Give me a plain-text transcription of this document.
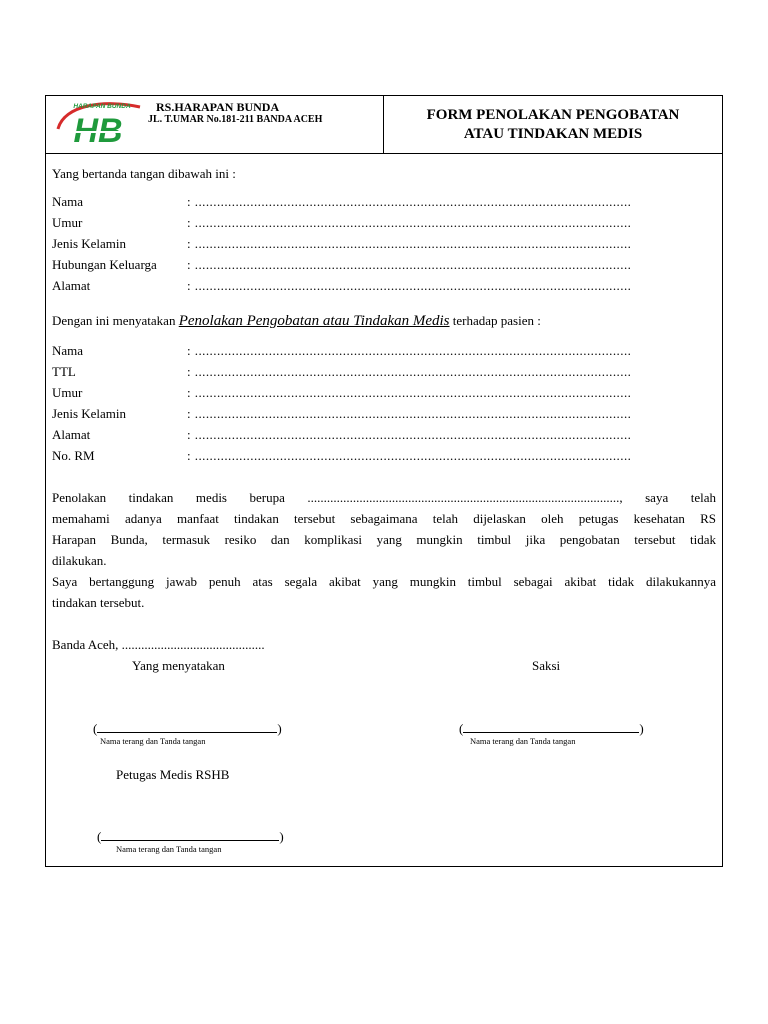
HARAPAN BUNDA
HB
RS.HARAPAN BUNDA
JL. T.UMAR No.181-211 BANDA ACEH	FORM PENOLAKAN PENGOBATAN
ATAU TINDAKAN MEDIS
Yang bertanda tangan dibawah ini :
Nama	: ......................................................................................................................
Umur	: ......................................................................................................................
Jenis Kelamin	: ......................................................................................................................
Hubungan Keluarga : ......................................................................................................................
Alamat	: ......................................................................................................................
Dengan ini menyatakan Penolakan Pengobatan atau Tindakan Medis terhadap pasien :
Nama	: ......................................................................................................................
TTL	: ......................................................................................................................
Umur	: ......................................................................................................................
Jenis Kelamin	: ......................................................................................................................
Alamat	: ......................................................................................................................
No. RM	: ......................................................................................................................
Penolakan tindakan medis berupa ................................................................................................, saya telah
memahami adanya manfaat tindakan tersebut sebagaimana telah dijelaskan oleh petugas kesehatan RS
Harapan Bunda, termasuk resiko dan komplikasi yang mungkin timbul jika pengobatan tersebut tidak
dilakukan.
Saya bertanggung jawab penuh atas segala akibat yang mungkin timbul sebagai akibat tidak dilakukannya
tindakan tersebut.
Banda Aceh, ............................................
Yang menyatakan	Saksi
(	)
Nama terang dan Tanda tangan
(	)
Nama terang dan Tanda tangan
Petugas Medis RSHB
(	)
Nama terang dan Tanda tangan
